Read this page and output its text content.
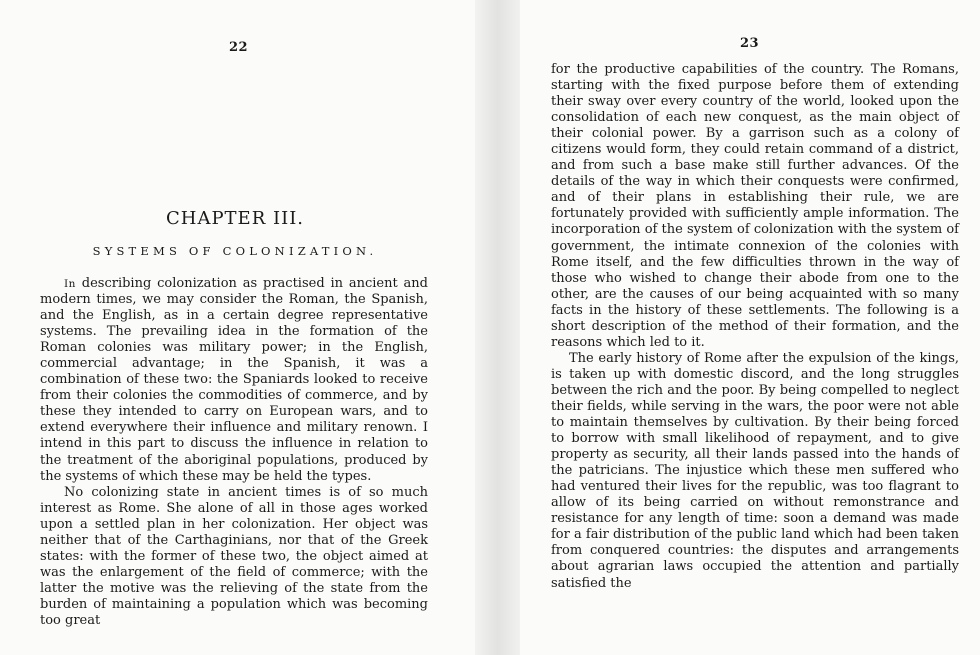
22
CHAPTER III.
SYSTEMS OF COLONIZATION.

In describing colonization as practised in ancient and modern times, we may consider the Roman, the Spanish, and the English, as in a certain degree representative systems. The prevailing idea in the formation of the Roman colonies was military power; in the English, commercial advantage; in the Spanish, it was a combination of these two: the Spaniards looked to receive from their colonies the commodities of commerce, and by these they intended to carry on European wars, and to extend everywhere their influence and military renown. I intend in this part to discuss the influence in relation to the treatment of the aboriginal populations, produced by the systems of which these may be held the types.

No colonizing state in ancient times is of so much interest as Rome. She alone of all in those ages worked upon a settled plan in her colonization. Her object was neither that of the Carthaginians, nor that of the Greek states: with the former of these two, the object aimed at was the enlargement of the field of commerce; with the latter the motive was the relieving of the state from the burden of maintaining a population which was becoming too great

23

for the productive capabilities of the country. The Romans, starting with the fixed purpose before them of extending their sway over every country of the world, looked upon the consolidation of each new conquest, as the main object of their colonial power. By a garrison such as a colony of citizens would form, they could retain command of a district, and from such a base make still further advances. Of the details of the way in which their conquests were confirmed, and of their plans in establishing their rule, we are fortunately provided with sufficiently ample information. The incorporation of the system of colonization with the system of government, the intimate connexion of the colonies with Rome itself, and the few difficulties thrown in the way of those who wished to change their abode from one to the other, are the causes of our being acquainted with so many facts in the history of these settlements. The following is a short description of the method of their formation, and the reasons which led to it.

The early history of Rome after the expulsion of the kings, is taken up with domestic discord, and the long struggles between the rich and the poor. By being compelled to neglect their fields, while serving in the wars, the poor were not able to maintain themselves by cultivation. By their being forced to borrow with small likelihood of repayment, and to give property as security, all their lands passed into the hands of the patricians. The injustice which these men suffered who had ventured their lives for the republic, was too flagrant to allow of its being carried on without remonstrance and resistance for any length of time: soon a demand was made for a fair distribution of the public land which had been taken from conquered countries: the disputes and arrangements about agrarian laws occupied the attention and partially satisfied the
